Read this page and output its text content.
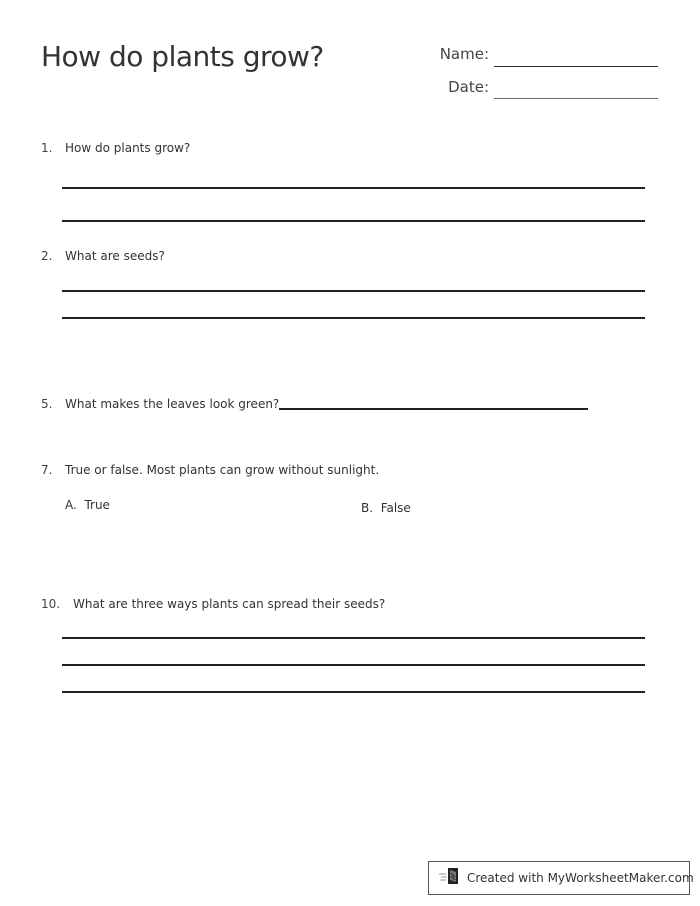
How do plants grow?	Name:
Date:
1. How do plants grow?
2. What are seeds?
5. What makes the leaves look green?
7. True or false. Most plants can grow without sunlight.
A. True	B. False
10. What are three ways plants can spread their seeds?
Created with MyWorksheetMaker.com
